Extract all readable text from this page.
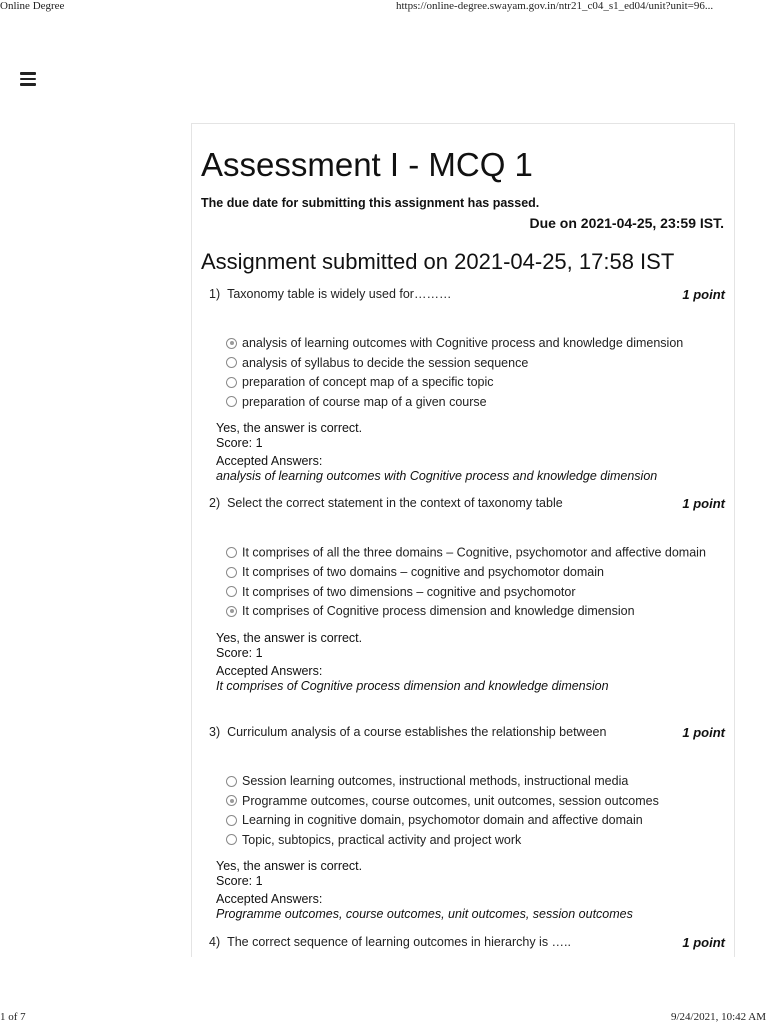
Online Degree	https://online-degree.swayam.gov.in/ntr21_c04_s1_ed04/unit?unit=96...
Assessment I - MCQ 1
The due date for submitting this assignment has passed.
Due on 2021-04-25, 23:59 IST.
Assignment submitted on 2021-04-25, 17:58 IST
1) Taxonomy table is widely used for………	1 point
analysis of learning outcomes with Cognitive process and knowledge dimension
analysis of syllabus to decide the session sequence
preparation of concept map of a specific topic
preparation of course map of a given course
Yes, the answer is correct.
Score: 1
Accepted Answers:
analysis of learning outcomes with Cognitive process and knowledge dimension
2) Select the correct statement in the context of taxonomy table	1 point
It comprises of all the three domains – Cognitive, psychomotor and affective domain
It comprises of two domains – cognitive and psychomotor domain
It comprises of two dimensions – cognitive and psychomotor
It comprises of Cognitive process dimension and knowledge dimension
Yes, the answer is correct.
Score: 1
Accepted Answers:
It comprises of Cognitive process dimension and knowledge dimension
3) Curriculum analysis of a course establishes the relationship between	1 point
Session learning outcomes, instructional methods, instructional media
Programme outcomes, course outcomes, unit outcomes, session outcomes
Learning in cognitive domain, psychomotor domain and affective domain
Topic, subtopics, practical activity and project work
Yes, the answer is correct.
Score: 1
Accepted Answers:
Programme outcomes, course outcomes, unit outcomes, session outcomes
4) The correct sequence of learning outcomes in hierarchy is …..	1 point
1 of 7	9/24/2021, 10:42 AM
